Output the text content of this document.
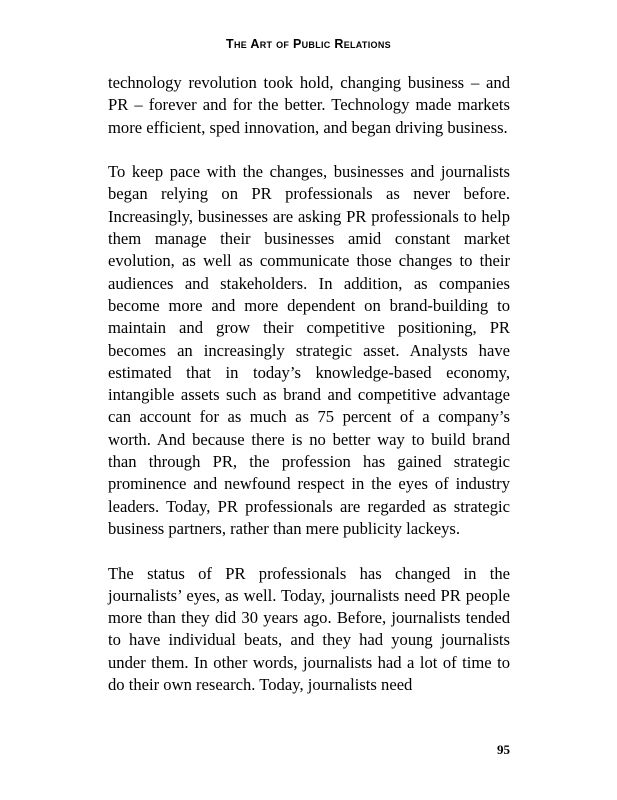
The Art of Public Relations

technology revolution took hold, changing business – and PR – forever and for the better. Technology made markets more efficient, sped innovation, and began driving business.

To keep pace with the changes, businesses and journalists began relying on PR professionals as never before. Increasingly, businesses are asking PR professionals to help them manage their businesses amid constant market evolution, as well as communicate those changes to their audiences and stakeholders. In addition, as companies become more and more dependent on brand-building to maintain and grow their competitive positioning, PR becomes an increasingly strategic asset. Analysts have estimated that in today’s knowledge-based economy, intangible assets such as brand and competitive advantage can account for as much as 75 percent of a company’s worth. And because there is no better way to build brand than through PR, the profession has gained strategic prominence and newfound respect in the eyes of industry leaders. Today, PR professionals are regarded as strategic business partners, rather than mere publicity lackeys.

The status of PR professionals has changed in the journalists’ eyes, as well. Today, journalists need PR people more than they did 30 years ago. Before, journalists tended to have individual beats, and they had young journalists under them. In other words, journalists had a lot of time to do their own research. Today, journalists need

95
